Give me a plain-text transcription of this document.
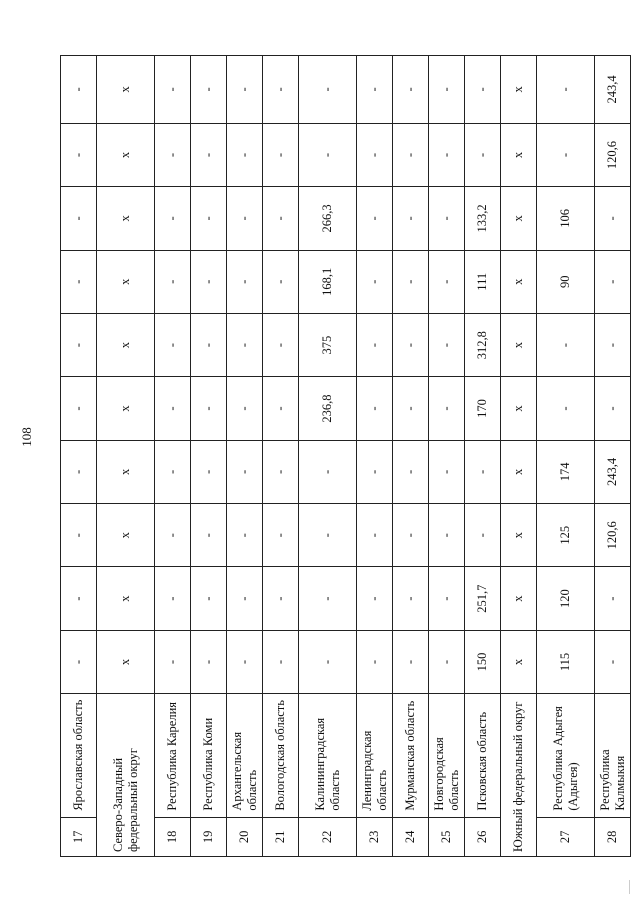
108
17	Ярославская область	-	-	-	-	-	-	-	-	-	-
Северо-Западный федеральный округ		х	х	х	х	х	х	х	х	х	х
18	Республика Карелия	-	-	-	-	-	-	-	-	-	-
19	Республика Коми	-	-	-	-	-	-	-	-	-	-
20	Архангельская область	-	-	-	-	-	-	-	-	-	-
21	Вологодская область	-	-	-	-	-	-	-	-	-	-
22	Калининградская область	-	-	-	-	236,8	375	168,1	266,3	-	-
23	Ленинградская область	-	-	-	-	-	-	-	-	-	-
24	Мурманская область	-	-	-	-	-	-	-	-	-	-
25	Новгородская область	-	-	-	-	-	-	-	-	-	-
26	Псковская область	150	251,7	-	-	170	312,8	111	133,2	-	-
Южный федеральный округ		х	х	х	х	х	х	х	х	х	х
27	Республика Адыгея (Адыгея)	115	120	125	174	-	-	90	106	-	-
28	Республика Калмыкия	-	-	120,6	243,4	-	-	-	-	120,6	243,4
